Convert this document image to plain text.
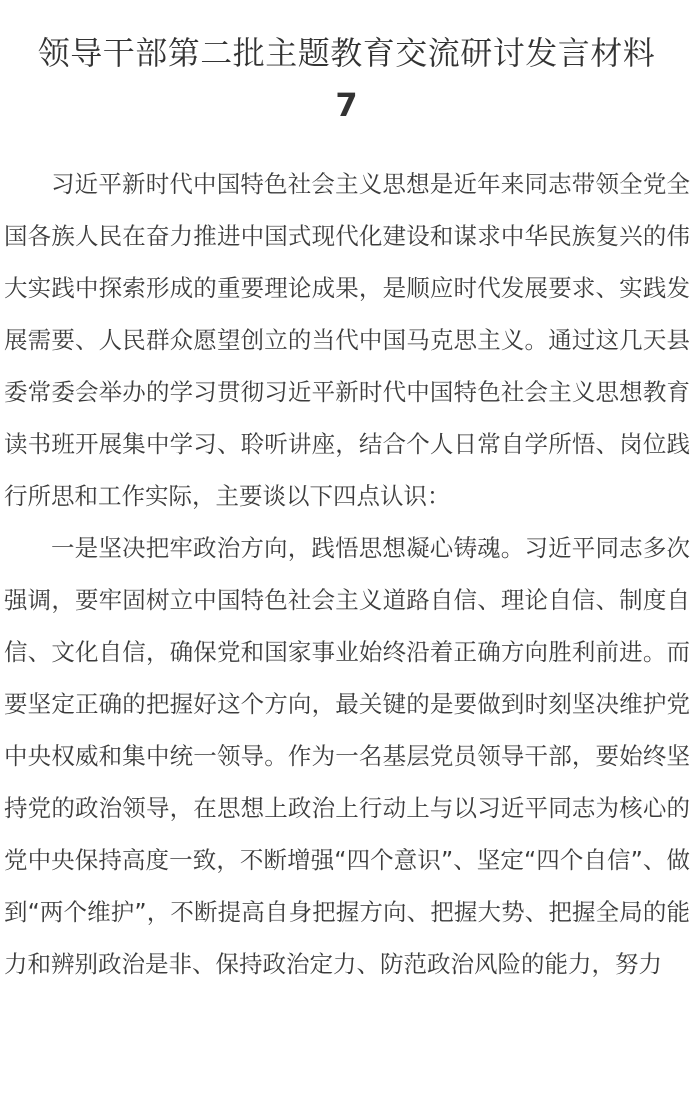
领导干部第二批主题教育交流研讨发言材料
7

习近平新时代中国特色社会主义思想是近年来同志带领全党全国各族人民在奋力推进中国式现代化建设和谋求中华民族复兴的伟大实践中探索形成的重要理论成果，是顺应时代发展要求、实践发展需要、人民群众愿望创立的当代中国马克思主义。通过这几天县委常委会举办的学习贯彻习近平新时代中国特色社会主义思想教育读书班开展集中学习、聆听讲座，结合个人日常自学所悟、岗位践行所思和工作实际，主要谈以下四点认识：

一是坚决把牢政治方向，践悟思想凝心铸魂。习近平同志多次强调，要牢固树立中国特色社会主义道路自信、理论自信、制度自信、文化自信，确保党和国家事业始终沿着正确方向胜利前进。而要坚定正确的把握好这个方向，最关键的是要做到时刻坚决维护党中央权威和集中统一领导。作为一名基层党员领导干部，要始终坚持党的政治领导，在思想上政治上行动上与以习近平同志为核心的党中央保持高度一致，不断增强“四个意识”、坚定“四个自信”、做到“两个维护”，不断提高自身把握方向、把握大势、把握全局的能力和辨别政治是非、保持政治定力、防范政治风险的能力，努力
